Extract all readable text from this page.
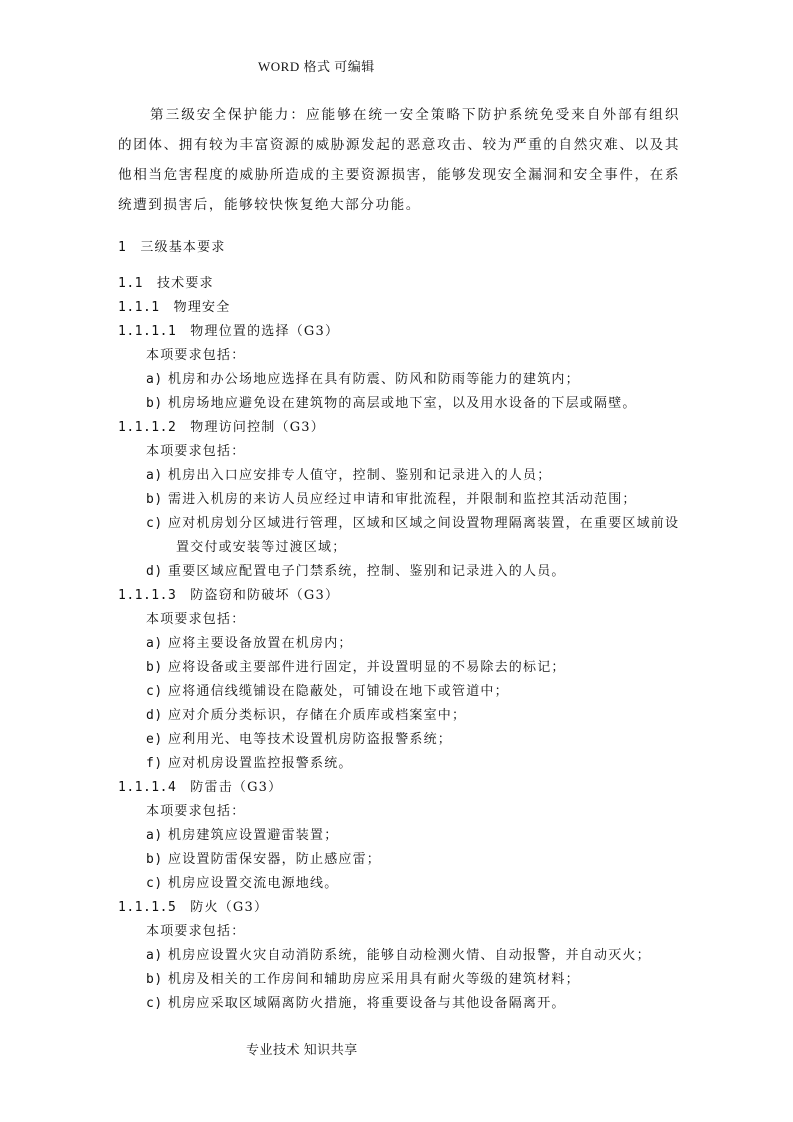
WORD 格式 可编辑
第三级安全保护能力：应能够在统一安全策略下防护系统免受来自外部有组织的团体、拥有较为丰富资源的威胁源发起的恶意攻击、较为严重的自然灾难、以及其他相当危害程度的威胁所造成的主要资源损害，能够发现安全漏洞和安全事件，在系统遭到损害后，能够较快恢复绝大部分功能。
1 三级基本要求
1.1 技术要求
1.1.1 物理安全
1.1.1.1 物理位置的选择（G3）
本项要求包括：
a) 机房和办公场地应选择在具有防震、防风和防雨等能力的建筑内；
b) 机房场地应避免设在建筑物的高层或地下室，以及用水设备的下层或隔壁。
1.1.1.2 物理访问控制（G3）
本项要求包括：
a) 机房出入口应安排专人值守，控制、鉴别和记录进入的人员；
b) 需进入机房的来访人员应经过申请和审批流程，并限制和监控其活动范围；
c) 应对机房划分区域进行管理，区域和区域之间设置物理隔离装置，在重要区域前设
置交付或安装等过渡区域；
d) 重要区域应配置电子门禁系统，控制、鉴别和记录进入的人员。
1.1.1.3 防盗窃和防破坏（G3）
本项要求包括：
a) 应将主要设备放置在机房内；
b) 应将设备或主要部件进行固定，并设置明显的不易除去的标记；
c) 应将通信线缆铺设在隐蔽处，可铺设在地下或管道中；
d) 应对介质分类标识，存储在介质库或档案室中；
e) 应利用光、电等技术设置机房防盗报警系统；
f) 应对机房设置监控报警系统。
1.1.1.4 防雷击（G3）
本项要求包括：
a) 机房建筑应设置避雷装置；
b) 应设置防雷保安器，防止感应雷；
c) 机房应设置交流电源地线。
1.1.1.5 防火（G3）
本项要求包括：
a) 机房应设置火灾自动消防系统，能够自动检测火情、自动报警，并自动灭火；
b) 机房及相关的工作房间和辅助房应采用具有耐火等级的建筑材料；
c) 机房应采取区域隔离防火措施，将重要设备与其他设备隔离开。
专业技术 知识共享
